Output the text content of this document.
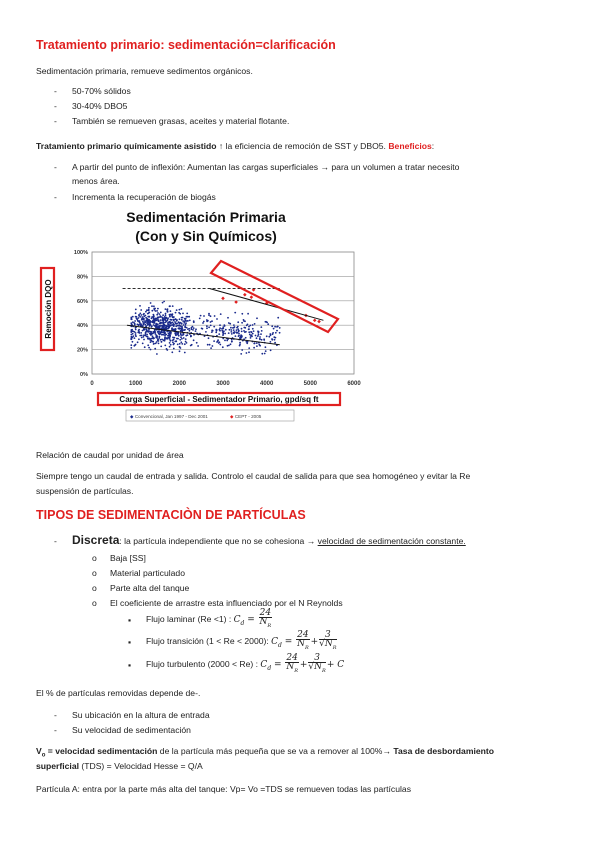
Tratamiento primario: sedimentación=clarificación
Sedimentación primaria, remueve sedimentos orgánicos.
- 50-70% sólidos
- 30-40% DBO5
- También se remueven grasas, aceites y material flotante.
Tratamiento primario químicamente asistido ↑ la eficiencia de remoción de SST y DBO5. Beneficios:
- A partir del punto de inflexión: Aumentan las cargas superficiales → para un volumen a tratar necesito
menos área.
- Incrementa la recuperación de biogás
Sedimentación Primaria
(Con y Sin Químicos)
0%
20%
40%
60%
80%
100%
0	1000	2000	3000	4000	5000	6000
Remoción DQO
Carga Superficial - Sedimentador Primario, gpd/sq ft
◆ Convencional, Jan 1997 - Dec 2001	◆ CEPT - 2005
Relación de caudal por unidad de área
Siempre tengo un caudal de entrada y salida. Controlo el caudal de salida para que sea homogéneo y evitar la Re
suspensión de partículas.
TIPOS DE SEDIMENTACIÒN DE PARTÍCULAS
- Discreta: la partícula independiente que no se cohesiona → velocidad de sedimentación constante.
o Baja [SS]
o Material particulado
o Parte alta del tanque
o El coeficiente de arrastre esta influenciado por el N Reynolds
▪ Flujo laminar (Re <1) : $C_d = \frac{24}{N_R}$
▪ Flujo transición (1 < Re < 2000): $C_d = \frac{24}{N_R} + \frac{3}{√N_R}$
▪ Flujo turbulento (2000 < Re) : $C_d = \frac{24}{N_R} + \frac{3}{√N_R} + C$
El % de partículas removidas depende de-.
- Su ubicación en la altura de entrada
- Su velocidad de sedimentación
$V_o$ = velocidad sedimentación de la partícula más pequeña que se va a remover al 100%→ Tasa de desbordamiento
superficial (TDS) = Velocidad Hesse = Q/A
Partícula A: entra por la parte más alta del tanque: Vp= Vo =TDS se remueven todas las partículas
